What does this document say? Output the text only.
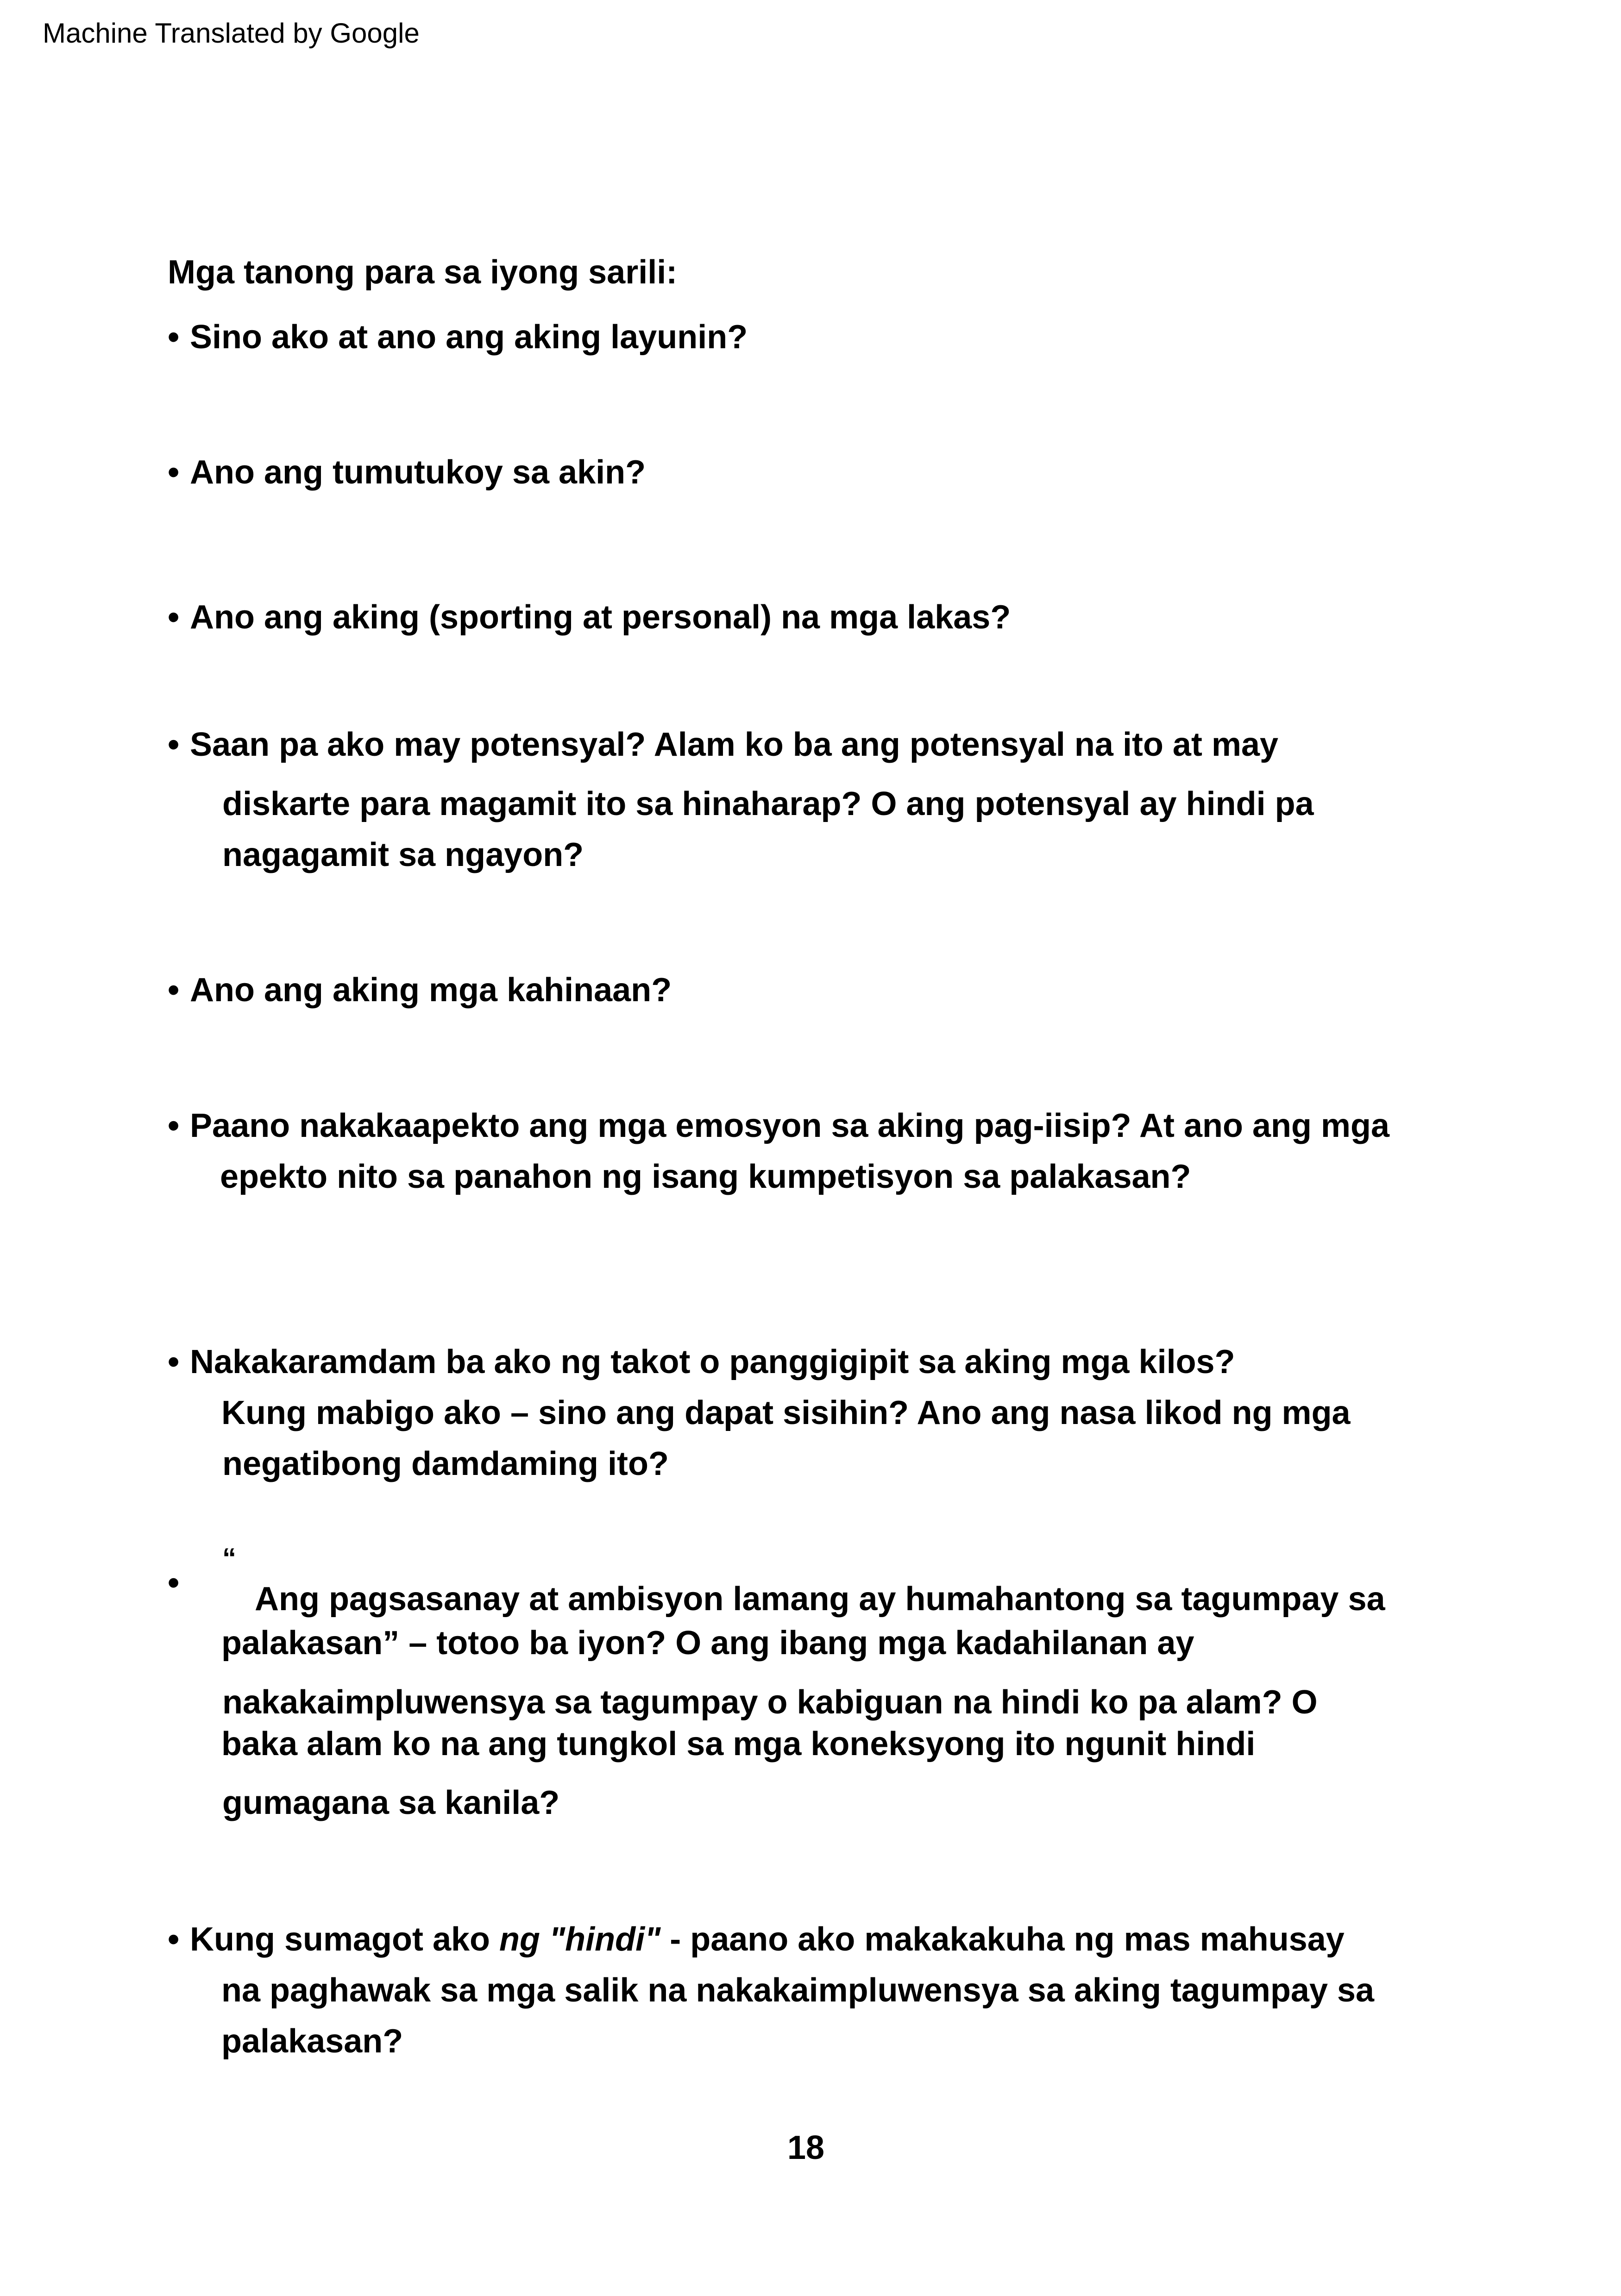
Machine Translated by Google
Mga tanong para sa iyong sarili:
• Sino ako at ano ang aking layunin?
• Ano ang tumutukoy sa akin?
• Ano ang aking (sporting at personal) na mga lakas?
• Saan pa ako may potensyal? Alam ko ba ang potensyal na ito at may
diskarte para magamit ito sa hinaharap? O ang potensyal ay hindi pa
nagagamit sa ngayon?
• Ano ang aking mga kahinaan?
• Paano nakakaapekto ang mga emosyon sa aking pag-iisip? At ano ang mga
epekto nito sa panahon ng isang kumpetisyon sa palakasan?
• Nakakaramdam ba ako ng takot o panggigipit sa aking mga kilos?
Kung mabigo ako – sino ang dapat sisihin? Ano ang nasa likod ng mga
negatibong damdaming ito?
•
“
Ang pagsasanay at ambisyon lamang ay humahantong sa tagumpay sa
palakasan” – totoo ba iyon? O ang ibang mga kadahilanan ay
nakakaimpluwensya sa tagumpay o kabiguan na hindi ko pa alam? O
baka alam ko na ang tungkol sa mga koneksyong ito ngunit hindi
gumagana sa kanila?
• Kung sumagot ako ng "hindi" - paano ako makakakuha ng mas mahusay
na paghawak sa mga salik na nakakaimpluwensya sa aking tagumpay sa
palakasan?
18
